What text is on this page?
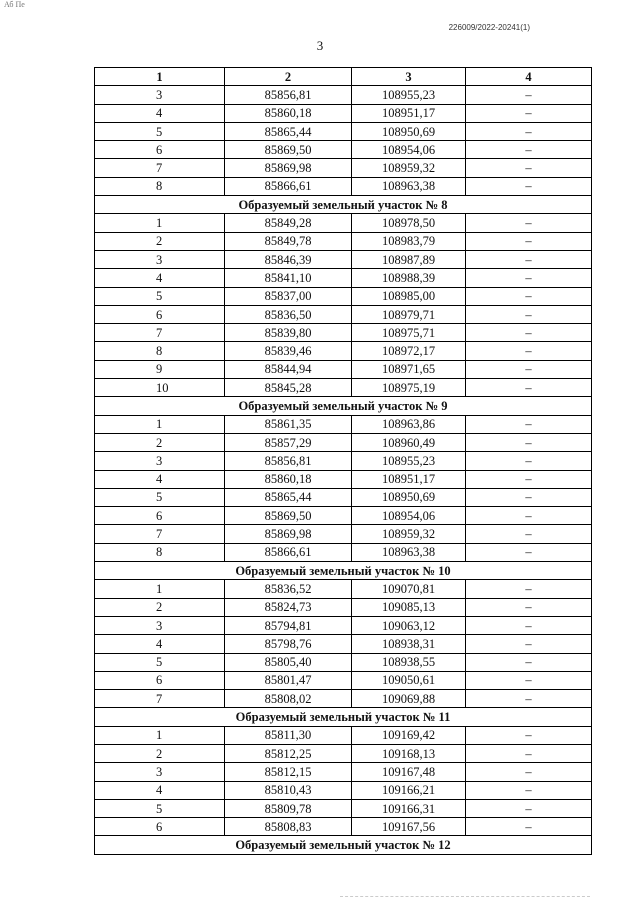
Аб Пе
226009/2022-20241(1)
3
1	2	3	4
3	85856,81	108955,23	–
4	85860,18	108951,17	–
5	85865,44	108950,69	–
6	85869,50	108954,06	–
7	85869,98	108959,32	–
8	85866,61	108963,38	–
Образуемый земельный участок № 8			
1	85849,28	108978,50	–
2	85849,78	108983,79	–
3	85846,39	108987,89	–
4	85841,10	108988,39	–
5	85837,00	108985,00	–
6	85836,50	108979,71	–
7	85839,80	108975,71	–
8	85839,46	108972,17	–
9	85844,94	108971,65	–
10	85845,28	108975,19	–
Образуемый земельный участок № 9			
1	85861,35	108963,86	–
2	85857,29	108960,49	–
3	85856,81	108955,23	–
4	85860,18	108951,17	–
5	85865,44	108950,69	–
6	85869,50	108954,06	–
7	85869,98	108959,32	–
8	85866,61	108963,38	–
Образуемый земельный участок № 10			
1	85836,52	109070,81	–
2	85824,73	109085,13	–
3	85794,81	109063,12	–
4	85798,76	108938,31	–
5	85805,40	108938,55	–
6	85801,47	109050,61	–
7	85808,02	109069,88	–
Образуемый земельный участок № 11			
1	85811,30	109169,42	–
2	85812,25	109168,13	–
3	85812,15	109167,48	–
4	85810,43	109166,21	–
5	85809,78	109166,31	–
6	85808,83	109167,56	–
Образуемый земельный участок № 12			
